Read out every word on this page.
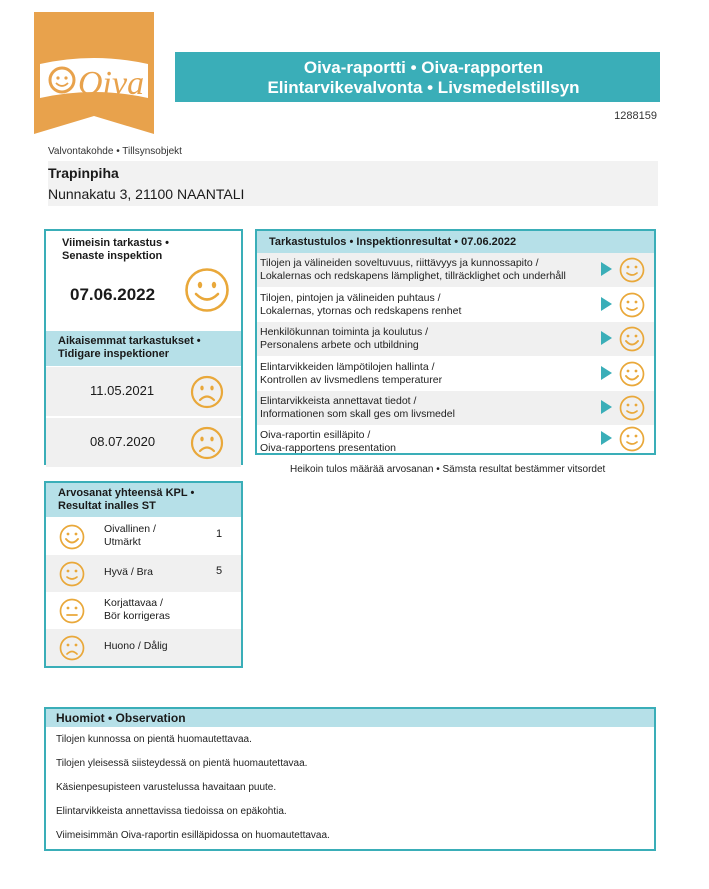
Oiva	Oiva-raportti • Oiva-rapporten
Elintarvikevalvonta • Livsmedelstillsyn
1288159
Valvontakohde • Tillsynsobjekt
Trapinpiha
Nunnakatu 3, 21100 NAANTALI
Viimeisin tarkastus • Senaste inspektion
07.06.2022
Aikaisemmat tarkastukset • Tidigare inspektioner
11.05.2021
08.07.2020
Tarkastustulos • Inspektionresultat • 07.06.2022
Tilojen ja välineiden soveltuvuus, riittävyys ja kunnossapito /
Lokalernas och redskapens lämplighet, tillräcklighet och underhåll
Tilojen, pintojen ja välineiden puhtaus /
Lokalernas, ytornas och redskapens renhet
Henkilökunnan toiminta ja koulutus /
Personalens arbete och utbildning
Elintarvikkeiden lämpötilojen hallinta /
Kontrollen av livsmedlens temperaturer
Elintarvikkeista annettavat tiedot /
Informationen som skall ges om livsmedel
Oiva-raportin esilläpito /
Oiva-rapportens presentation
Heikoin tulos määrää arvosanan • Sämsta resultat bestämmer vitsordet
Arvosanat yhteensä KPL • Resultat inalles ST
Oivallinen /
Utmärkt
1
Hyvä / Bra	5
Korjattavaa /
Bör korrigeras
Huono / Dålig
Huomiot • Observation
Tilojen kunnossa on pientä huomautettavaa.
Tilojen yleisessä siisteydessä on pientä huomautettavaa.
Käsienpesupisteen varustelussa havaitaan puute.
Elintarvikkeista annettavissa tiedoissa on epäkohtia.
Viimeisimmän Oiva-raportin esilläpidossa on huomautettavaa.
